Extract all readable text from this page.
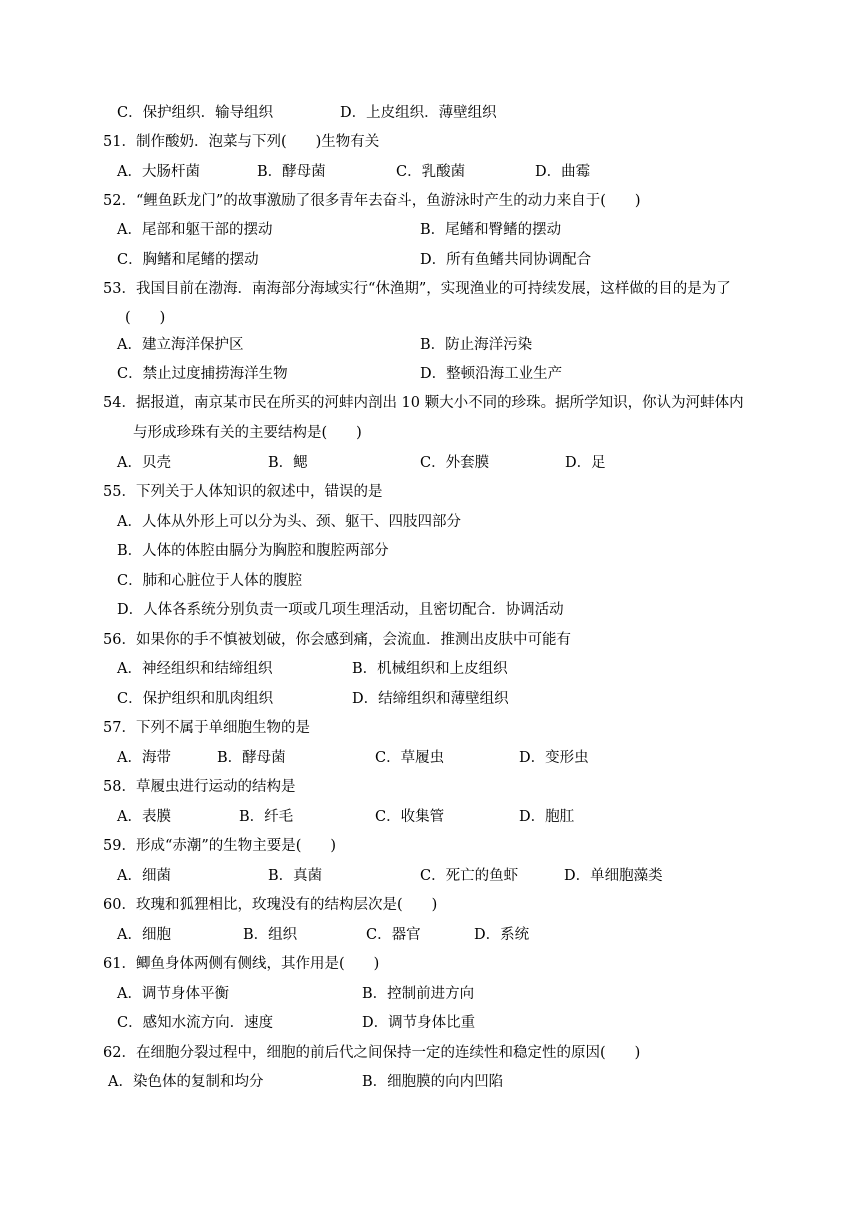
C．保护组织．输导组织	D．上皮组织．薄壁组织
51．制作酸奶．泡菜与下列(　　)生物有关
A．大肠杆菌	B．酵母菌	C．乳酸菌	D．曲霉
52．“鲤鱼跃龙门”的故事激励了很多青年去奋斗，鱼游泳时产生的动力来自于(　　)
A．尾部和躯干部的摆动	B．尾鳍和臀鳍的摆动
C．胸鳍和尾鳍的摆动	D．所有鱼鳍共同协调配合
53．我国目前在渤海．南海部分海域实行“休渔期”，实现渔业的可持续发展，这样做的目的是为了
(　　)
A．建立海洋保护区	B．防止海洋污染
C．禁止过度捕捞海洋生物	D．整顿沿海工业生产
54．据报道，南京某市民在所买的河蚌内剖出 10 颗大小不同的珍珠。据所学知识，你认为河蚌体内
与形成珍珠有关的主要结构是(　　)
A．贝壳	B．鳃	C．外套膜	D．足
55．下列关于人体知识的叙述中，错误的是
A．人体从外形上可以分为头、颈、躯干、四肢四部分
B．人体的体腔由膈分为胸腔和腹腔两部分
C．肺和心脏位于人体的腹腔
D．人体各系统分别负责一项或几项生理活动，且密切配合．协调活动
56．如果你的手不慎被划破，你会感到痛，会流血．推测出皮肤中可能有
A．神经组织和结缔组织	B．机械组织和上皮组织
C．保护组织和肌肉组织	D．结缔组织和薄壁组织
57．下列不属于单细胞生物的是
A．海带	B．酵母菌	C．草履虫	D．变形虫
58．草履虫进行运动的结构是
A．表膜	B．纤毛	C．收集管	D．胞肛
59．形成“赤潮”的生物主要是(　　)
A．细菌	B．真菌	C．死亡的鱼虾	D．单细胞藻类
60．玫瑰和狐狸相比，玫瑰没有的结构层次是(　　)
A．细胞	B．组织	C．器官	D．系统
61．鲫鱼身体两侧有侧线，其作用是(　　)
A．调节身体平衡	B．控制前进方向
C．感知水流方向．速度	D．调节身体比重
62．在细胞分裂过程中，细胞的前后代之间保持一定的连续性和稳定性的原因(　　)
A．染色体的复制和均分	B．细胞膜的向内凹陷
